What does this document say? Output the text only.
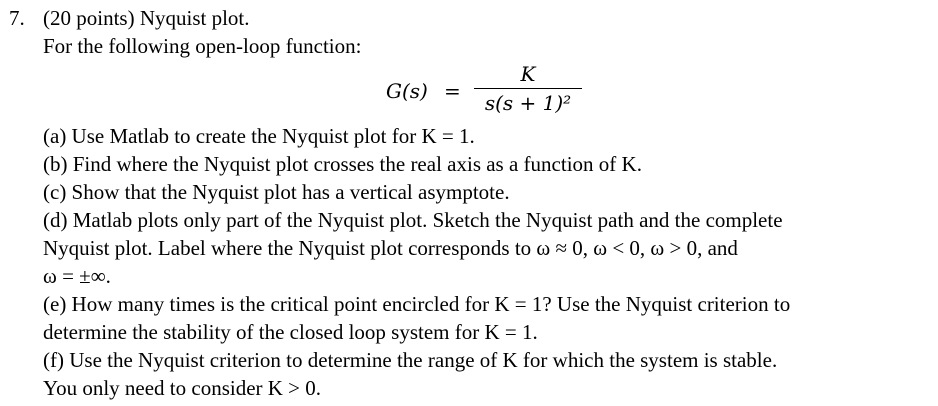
7. (20 points) Nyquist plot.
For the following open-loop function:
G(s) =
K
s(s + 1)²
(a) Use Matlab to create the Nyquist plot for K = 1.
(b) Find where the Nyquist plot crosses the real axis as a function of K.
(c) Show that the Nyquist plot has a vertical asymptote.
(d) Matlab plots only part of the Nyquist plot. Sketch the Nyquist path and the complete
Nyquist plot. Label where the Nyquist plot corresponds to ω ≈ 0, ω < 0, ω > 0, and
ω = ±∞.
(e) How many times is the critical point encircled for K = 1? Use the Nyquist criterion to
determine the stability of the closed loop system for K = 1.
(f) Use the Nyquist criterion to determine the range of K for which the system is stable.
You only need to consider K > 0.
